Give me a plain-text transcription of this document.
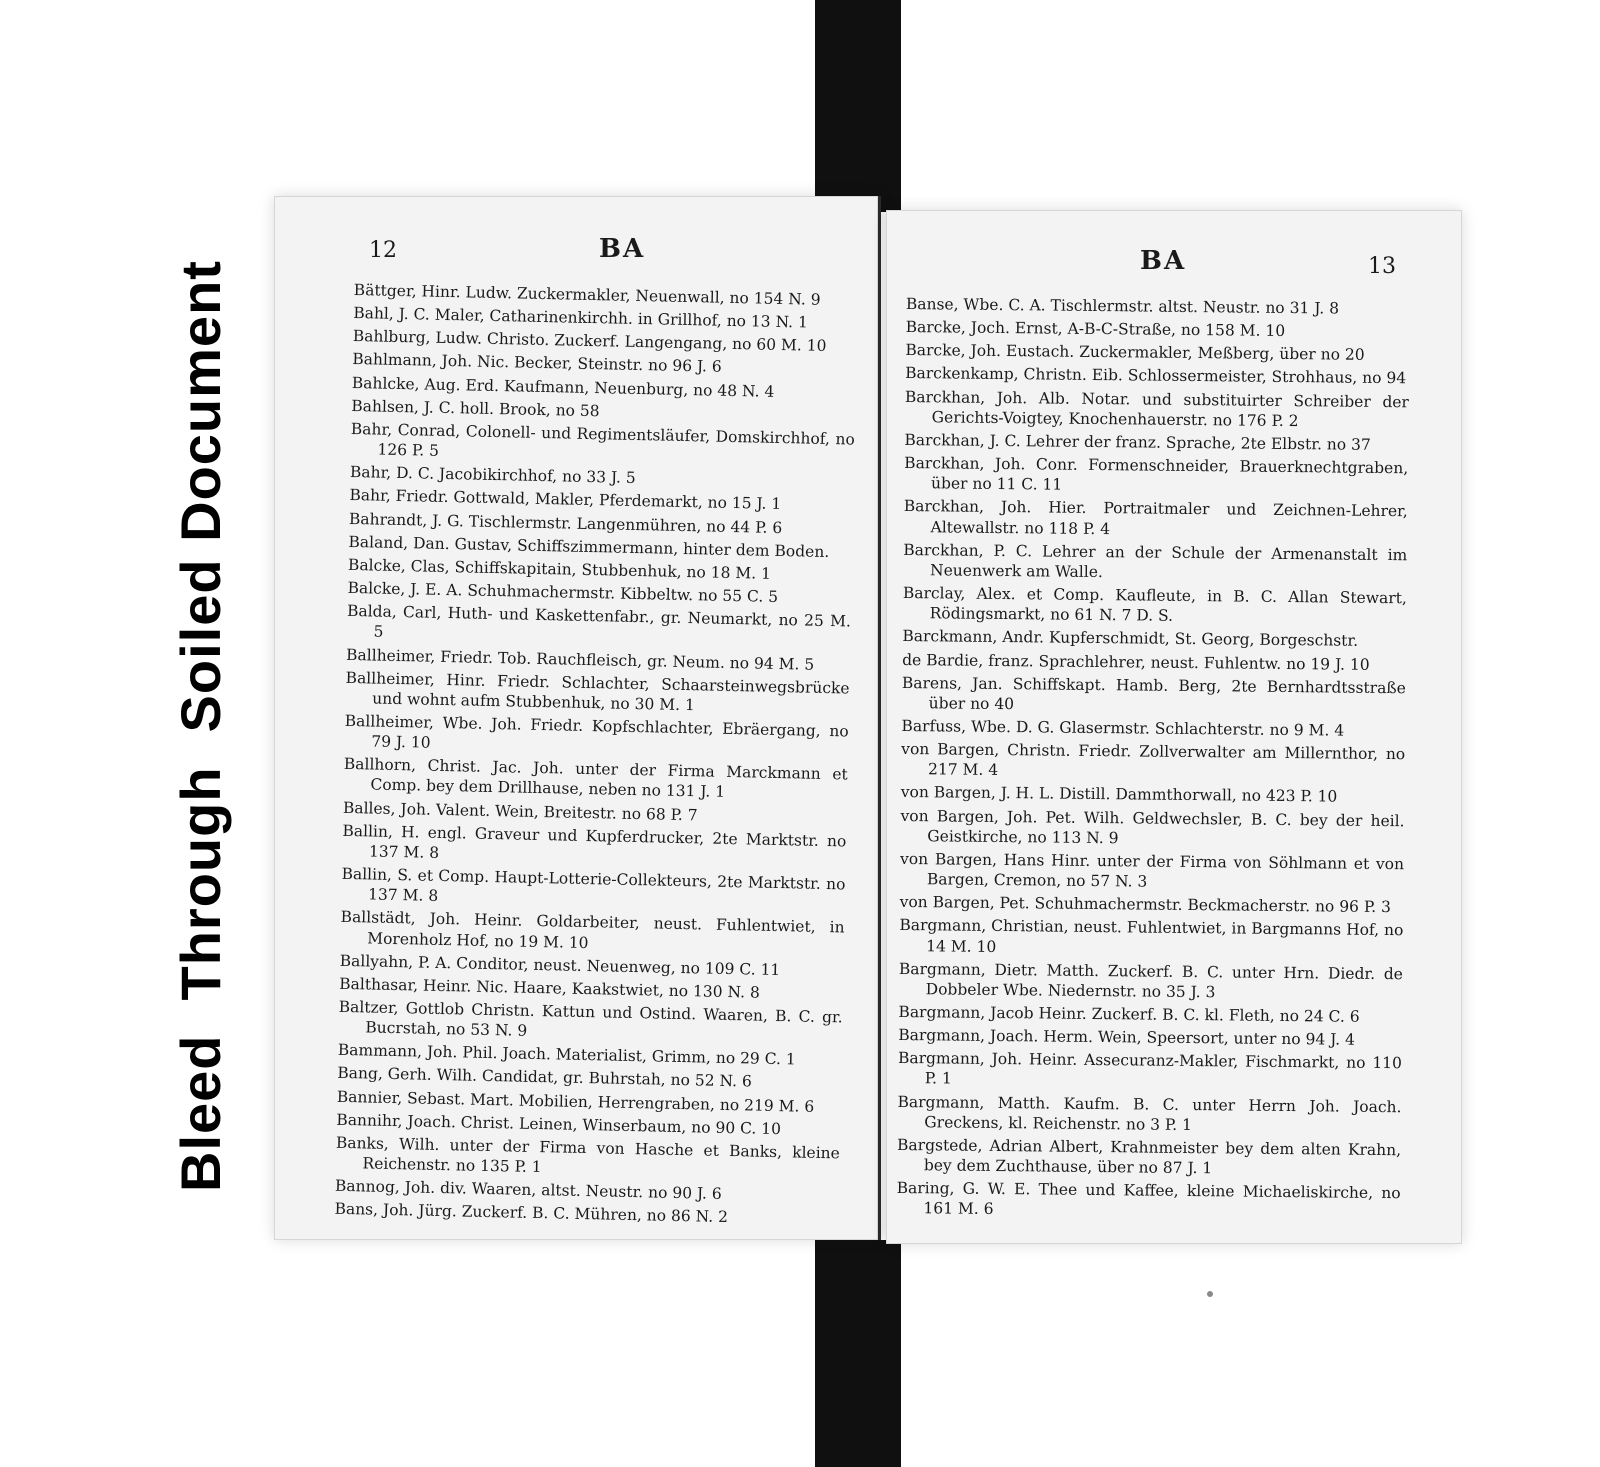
BleedThroughSoiled Document
12	BA
Bättger, Hinr. Ludw. Zuckermakler, Neuenwall, no 154 N. 9
Bahl, J. C. Maler, Catharinenkirchh. in Grillhof, no 13 N. 1
Bahlburg, Ludw. Christo. Zuckerf. Langengang, no 60 M. 10
Bahlmann, Joh. Nic. Becker, Steinstr. no 96 J. 6
Bahlcke, Aug. Erd. Kaufmann, Neuenburg, no 48 N. 4
Bahlsen, J. C. holl. Brook, no 58
Bahr, Conrad, Colonell- und Regimentsläufer, Domskirchhof, no 126 P. 5
Bahr, D. C. Jacobikirchhof, no 33 J. 5
Bahr, Friedr. Gottwald, Makler, Pferdemarkt, no 15 J. 1
Bahrandt, J. G. Tischlermstr. Langenmühren, no 44 P. 6
Baland, Dan. Gustav, Schiffszimmermann, hinter dem Boden.
Balcke, Clas, Schiffskapitain, Stubbenhuk, no 18 M. 1
Balcke, J. E. A. Schuhmachermstr. Kibbeltw. no 55 C. 5
Balda, Carl, Huth- und Kaskettenfabr., gr. Neumarkt, no 25 M. 5
Ballheimer, Friedr. Tob. Rauchfleisch, gr. Neum. no 94 M. 5
Ballheimer, Hinr. Friedr. Schlachter, Schaarsteinwegsbrücke und wohnt aufm Stubbenhuk, no 30 M. 1
Ballheimer, Wbe. Joh. Friedr. Kopfschlachter, Ebräergang, no 79 J. 10
Ballhorn, Christ. Jac. Joh. unter der Firma Marckmann et Comp. bey dem Drillhause, neben no 131 J. 1
Balles, Joh. Valent. Wein, Breitestr. no 68 P. 7
Ballin, H. engl. Graveur und Kupferdrucker, 2te Marktstr. no 137 M. 8
Ballin, S. et Comp. Haupt-Lotterie-Collekteurs, 2te Marktstr. no 137 M. 8
Ballstädt, Joh. Heinr. Goldarbeiter, neust. Fuhlentwiet, in Morenholz Hof, no 19 M. 10
Ballyahn, P. A. Conditor, neust. Neuenweg, no 109 C. 11
Balthasar, Heinr. Nic. Haare, Kaakstwiet, no 130 N. 8
Baltzer, Gottlob Christn. Kattun und Ostind. Waaren, B. C. gr. Bucrstah, no 53 N. 9
Bammann, Joh. Phil. Joach. Materialist, Grimm, no 29 C. 1
Bang, Gerh. Wilh. Candidat, gr. Buhrstah, no 52 N. 6
Bannier, Sebast. Mart. Mobilien, Herrengraben, no 219 M. 6
Bannihr, Joach. Christ. Leinen, Winserbaum, no 90 C. 10
Banks, Wilh. unter der Firma von Hasche et Banks, kleine Reichenstr. no 135 P. 1
Bannog, Joh. div. Waaren, altst. Neustr. no 90 J. 6
Bans, Joh. Jürg. Zuckerf. B. C. Mühren, no 86 N. 2
13
BA
Banse, Wbe. C. A. Tischlermstr. altst. Neustr. no 31 J. 8
Barcke, Joch. Ernst, A-B-C-Straße, no 158 M. 10
Barcke, Joh. Eustach. Zuckermakler, Meßberg, über no 20
Barckenkamp, Christn. Eib. Schlossermeister, Strohhaus, no 94
Barckhan, Joh. Alb. Notar. und substituirter Schreiber der Gerichts-Voigtey, Knochenhauerstr. no 176 P. 2
Barckhan, J. C. Lehrer der franz. Sprache, 2te Elbstr. no 37
Barckhan, Joh. Conr. Formenschneider, Brauerknechtgraben, über no 11 C. 11
Barckhan, Joh. Hier. Portraitmaler und Zeichnen-Lehrer, Altewallstr. no 118 P. 4
Barckhan, P. C. Lehrer an der Schule der Armenanstalt im Neuenwerk am Walle.
Barclay, Alex. et Comp. Kaufleute, in B. C. Allan Stewart, Rödingsmarkt, no 61 N. 7 D. S.
Barckmann, Andr. Kupferschmidt, St. Georg, Borgeschstr.
de Bardie, franz. Sprachlehrer, neust. Fuhlentw. no 19 J. 10
Barens, Jan. Schiffskapt. Hamb. Berg, 2te Bernhardtsstraße über no 40
Barfuss, Wbe. D. G. Glasermstr. Schlachterstr. no 9 M. 4
von Bargen, Christn. Friedr. Zollverwalter am Millernthor, no 217 M. 4
von Bargen, J. H. L. Distill. Dammthorwall, no 423 P. 10
von Bargen, Joh. Pet. Wilh. Geldwechsler, B. C. bey der heil. Geistkirche, no 113 N. 9
von Bargen, Hans Hinr. unter der Firma von Söhlmann et von Bargen, Cremon, no 57 N. 3
von Bargen, Pet. Schuhmachermstr. Beckmacherstr. no 96 P. 3
Bargmann, Christian, neust. Fuhlentwiet, in Bargmanns Hof, no 14 M. 10
Bargmann, Dietr. Matth. Zuckerf. B. C. unter Hrn. Diedr. de Dobbeler Wbe. Niedernstr. no 35 J. 3
Bargmann, Jacob Heinr. Zuckerf. B. C. kl. Fleth, no 24 C. 6
Bargmann, Joach. Herm. Wein, Speersort, unter no 94 J. 4
Bargmann, Joh. Heinr. Assecuranz-Makler, Fischmarkt, no 110 P. 1
Bargmann, Matth. Kaufm. B. C. unter Herrn Joh. Joach. Greckens, kl. Reichenstr. no 3 P. 1
Bargstede, Adrian Albert, Krahnmeister bey dem alten Krahn, bey dem Zuchthause, über no 87 J. 1
Baring, G. W. E. Thee und Kaffee, kleine Michaeliskirche, no 161 M. 6
